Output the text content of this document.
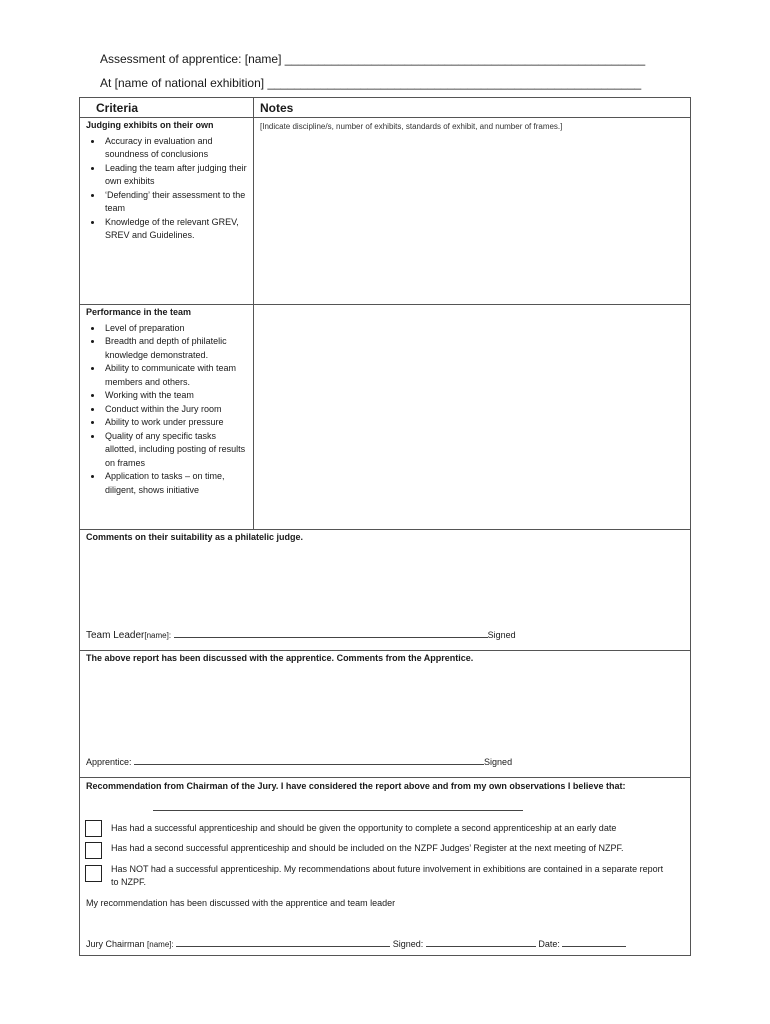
Assessment of apprentice: [name] ______________________________________________________
At [name of national exhibition] ________________________________________________________
Criteria	Notes
Judging exhibits on their own
• Accuracy in evaluation and soundness of conclusions
• Leading the team after judging their own exhibits
• ‘Defending’ their assessment to the team
• Knowledge of the relevant GREV, SREV and Guidelines.
[Indicate discipline/s, number of exhibits, standards of exhibit, and number of frames.]
Performance in the team
• Level of preparation
• Breadth and depth of philatelic knowledge demonstrated.
• Ability to communicate with team members and others.
• Working with the team
• Conduct within the Jury room
• Ability to work under pressure
• Quality of any specific tasks allotted, including posting of results on frames
• Application to tasks – on time, diligent, shows initiative
Comments on their suitability as a philatelic judge.
Team Leader[name]:	Signed
The above report has been discussed with the apprentice. Comments from the Apprentice.
Apprentice:	Signed
Recommendation from Chairman of the Jury. I have considered the report above and from my own observations I believe that:
Has had a successful apprenticeship and should be given the opportunity to complete a second apprenticeship at an early date
Has had a second successful apprenticeship and should be included on the NZPF Judges’ Register at the next meeting of NZPF.
Has NOT had a successful apprenticeship. My recommendations about future involvement in exhibitions are contained in a separate report to NZPF.
My recommendation has been discussed with the apprentice and team leader
Jury Chairman [name]:	Signed:	Date:
